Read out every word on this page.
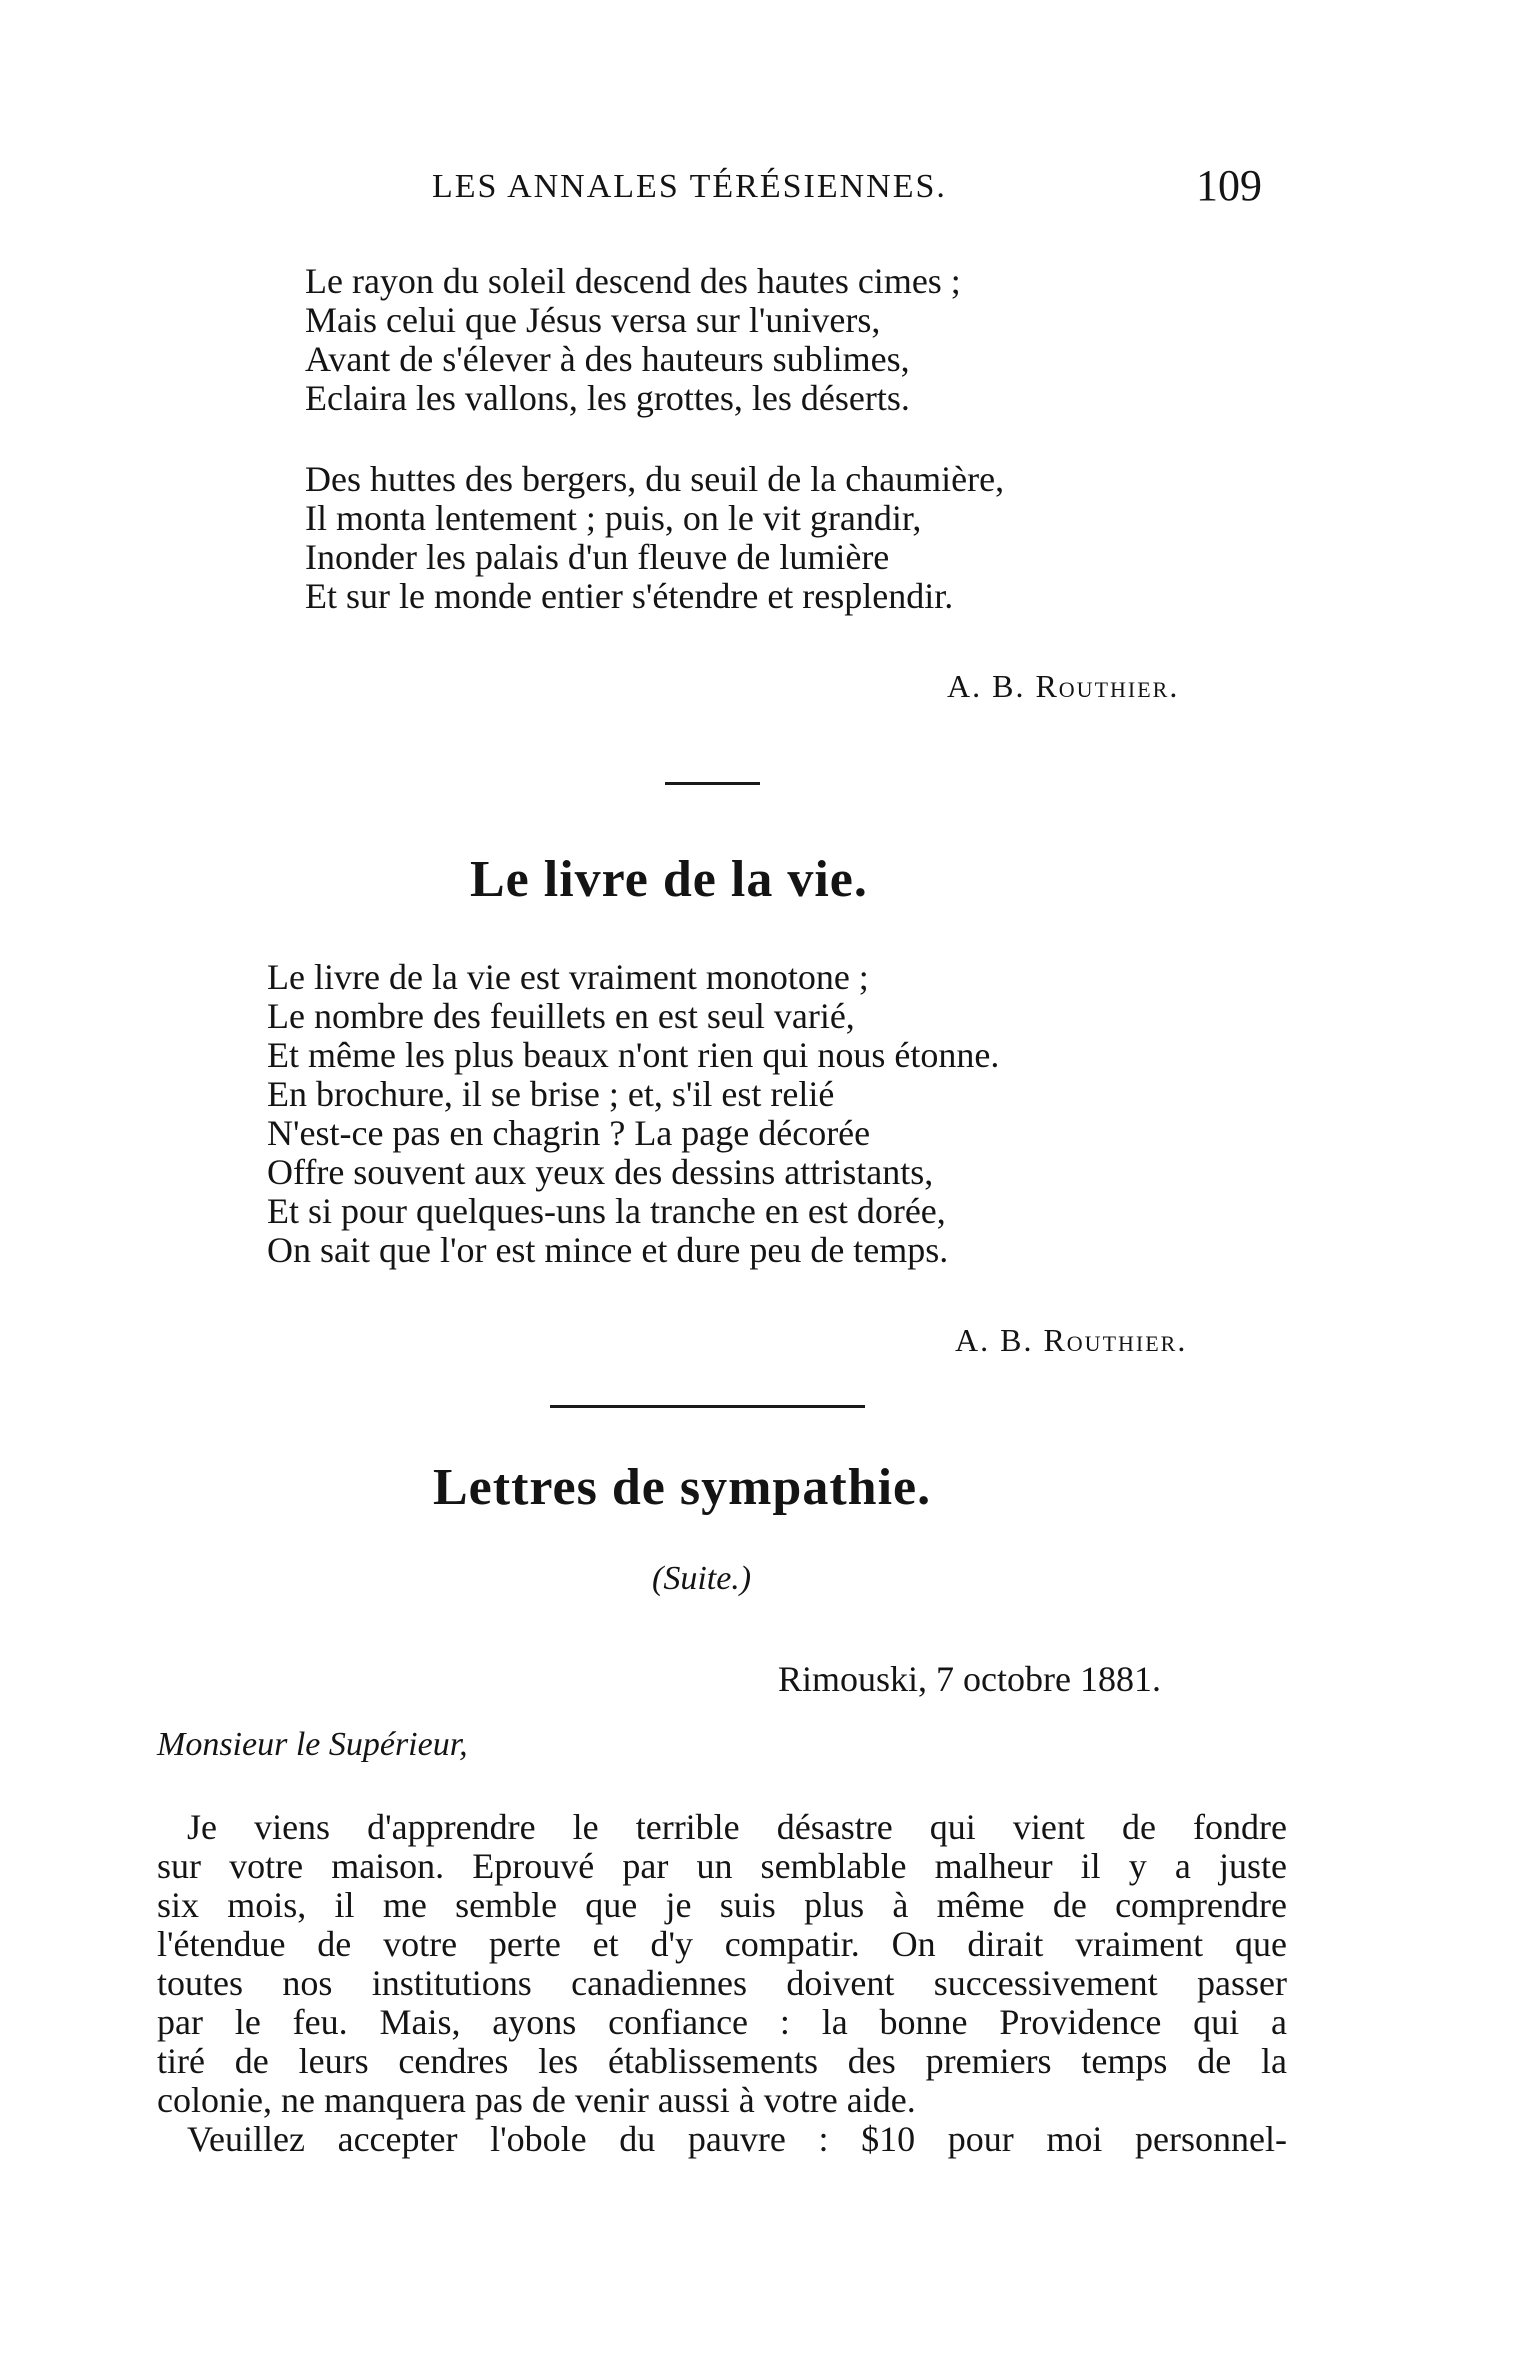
LES ANNALES TÉRÉSIENNES.	109
Le rayon du soleil descend des hautes cimes ;
Mais celui que Jésus versa sur l'univers,
Avant de s'élever à des hauteurs sublimes,
Eclaira les vallons, les grottes, les déserts.
Des huttes des bergers, du seuil de la chaumière,
Il monta lentement ; puis, on le vit grandir,
Inonder les palais d'un fleuve de lumière
Et sur le monde entier s'étendre et resplendir.
A. B. Routhier.
Le livre de la vie.
Le livre de la vie est vraiment monotone ;
Le nombre des feuillets en est seul varié,
Et même les plus beaux n'ont rien qui nous étonne.
En brochure, il se brise ; et, s'il est relié
N'est-ce pas en chagrin ? La page décorée
Offre souvent aux yeux des dessins attristants,
Et si pour quelques-uns la tranche en est dorée,
On sait que l'or est mince et dure peu de temps.
A. B. Routhier.
Lettres de sympathie.
(Suite.)
Rimouski, 7 octobre 1881.
Monsieur le Supérieur,
Je viens d'apprendre le terrible désastre qui vient de fondre
sur votre maison. Eprouvé par un semblable malheur il y a juste
six mois, il me semble que je suis plus à même de comprendre
l'étendue de votre perte et d'y compatir. On dirait vraiment que
toutes nos institutions canadiennes doivent successivement passer
par le feu. Mais, ayons confiance : la bonne Providence qui a
tiré de leurs cendres les établissements des premiers temps de la
colonie, ne manquera pas de venir aussi à votre aide.
Veuillez accepter l'obole du pauvre : $10 pour moi personnel-
